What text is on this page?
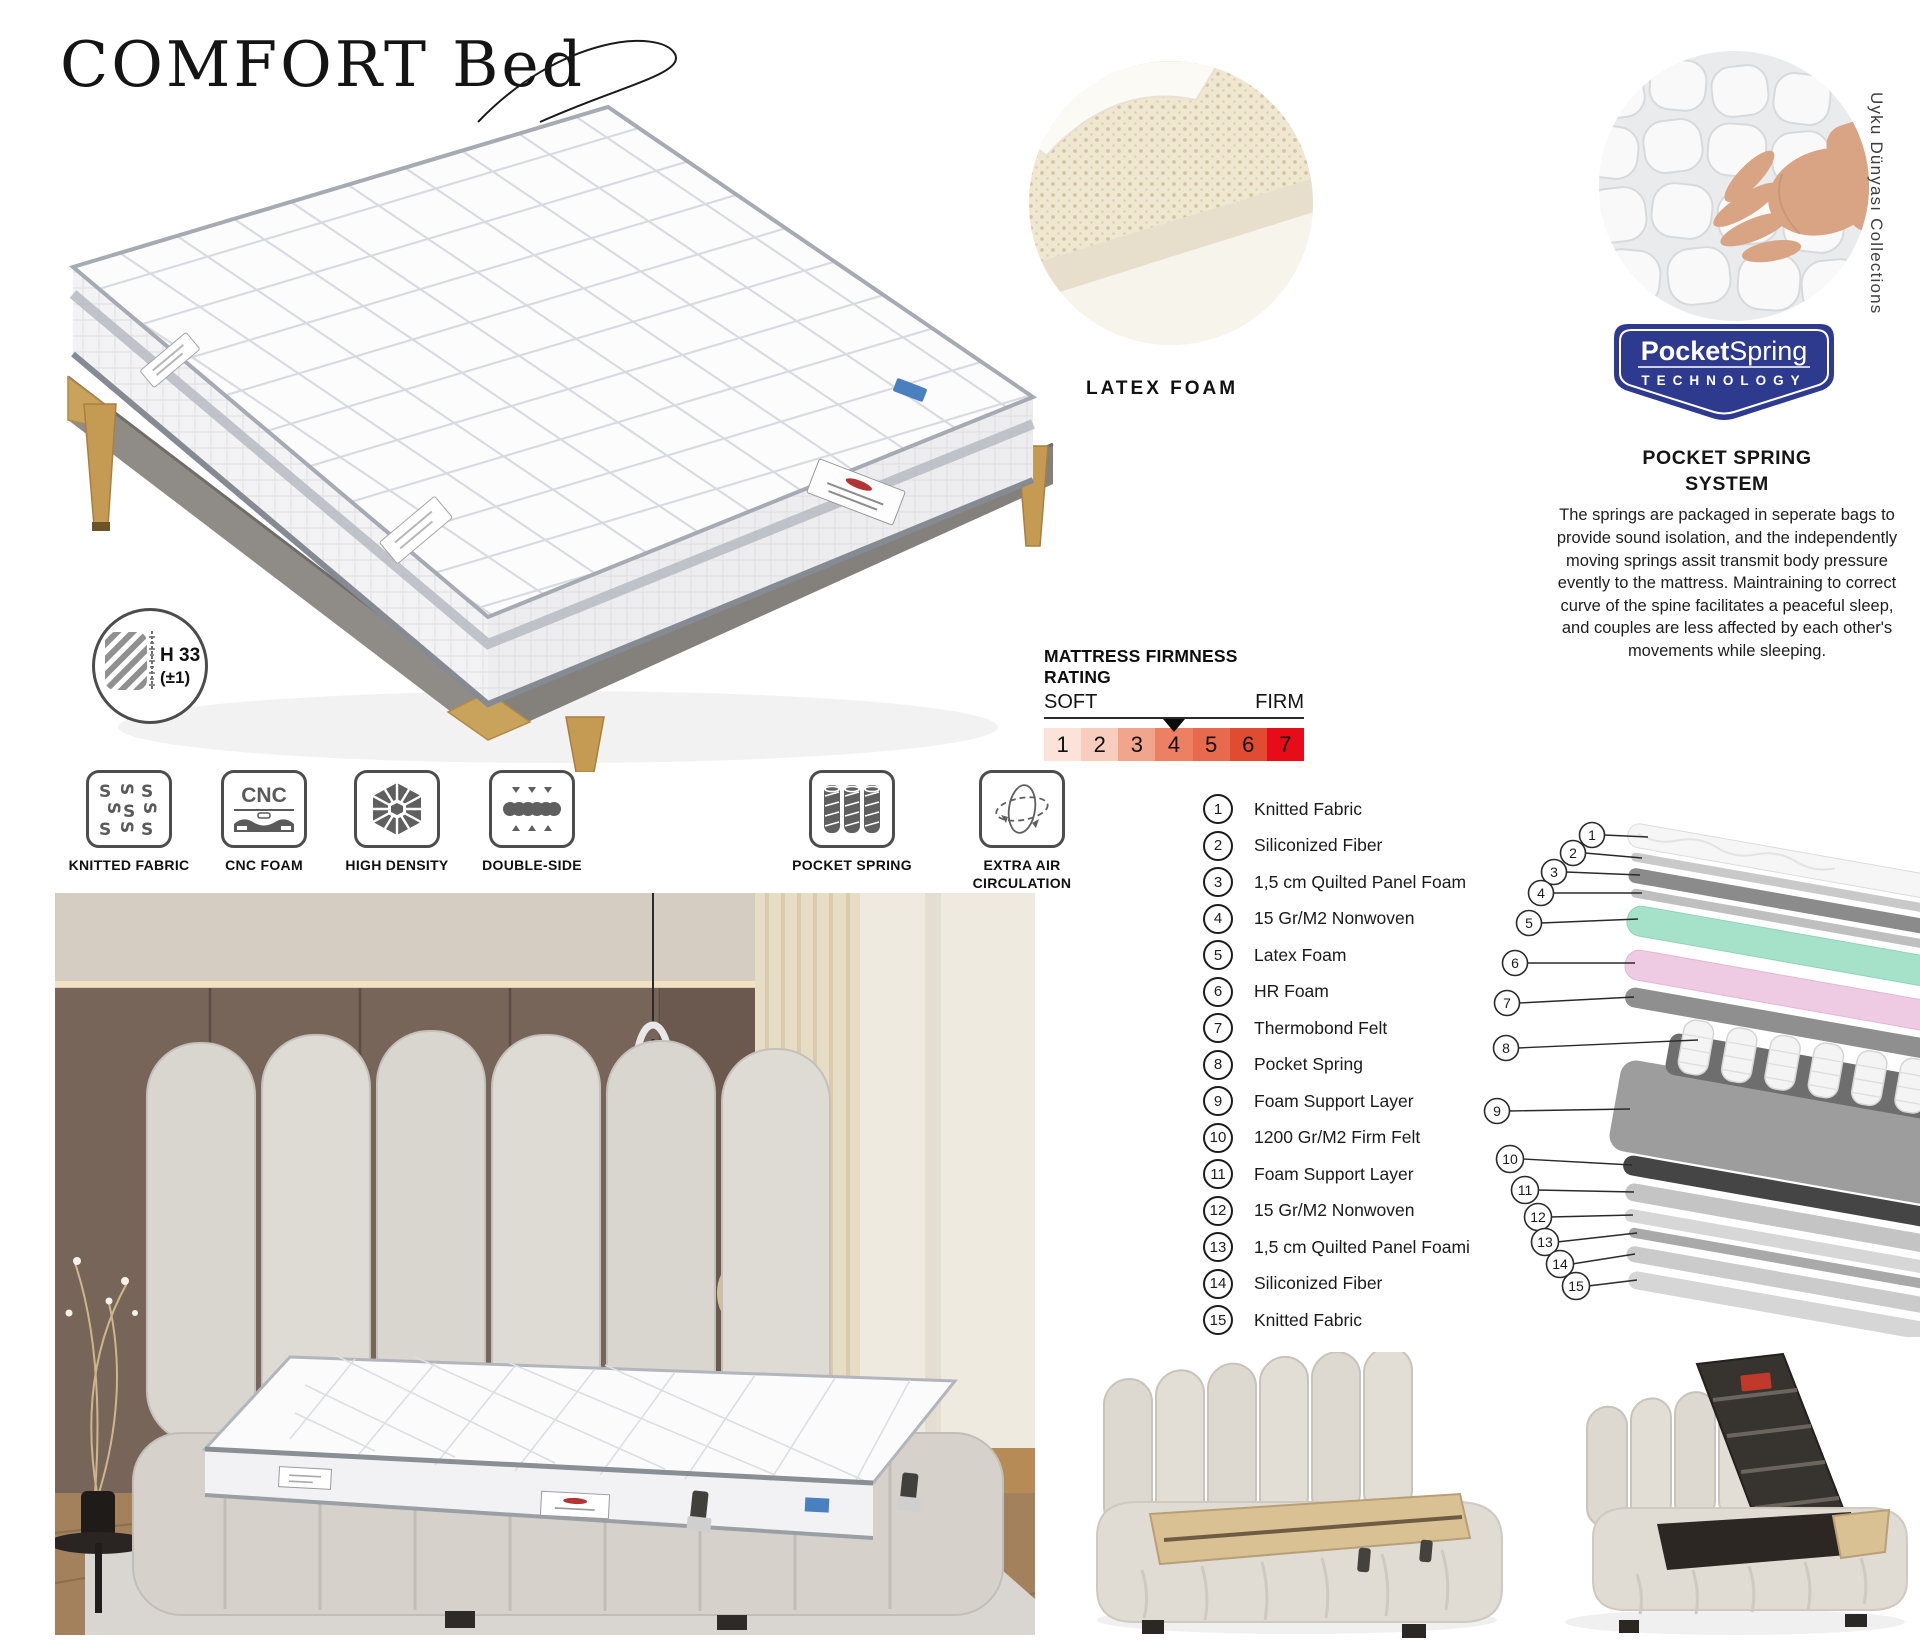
COMFORT Bed
LATEX FOAM
PocketSpring
TECHNOLOGY
POCKET SPRING SYSTEM
The springs are packaged in seperate bags to provide sound isolation, and the independently moving springs assit transmit body pressure evently to the mattress. Maintraining to correct curve of the spine facilitates a peaceful sleep, and couples are less affected by each other's movements while sleeping.
Uyku Dünyası Collections
H 33
(±1)
S S S
S S S
S S S
KNITTED FABRIC
CNC
CNC FOAM	HIGH DENSITY DOUBLE-SIDE	POCKET SPRING	EXTRA AIR CIRCULATION
MATTRESS FIRMNESS RATING
SOFT	FIRM
1	2	3	4	5	6	7
1	Knitted Fabric
2	Siliconized Fiber
3	1,5 cm Quilted Panel Foam
4	15 Gr/M2 Nonwoven
5	Latex Foam
6	HR Foam
7	Thermobond Felt
8	Pocket Spring
9	Foam Support Layer
10	1200 Gr/M2 Firm Felt
11	Foam Support Layer
12	15 Gr/M2 Nonwoven
13	1,5 cm Quilted Panel Foami
14	Siliconized Fiber
15	Knitted Fabric
1
2
3
4
5
6
7
8
9
10
11
12
13
14
15
